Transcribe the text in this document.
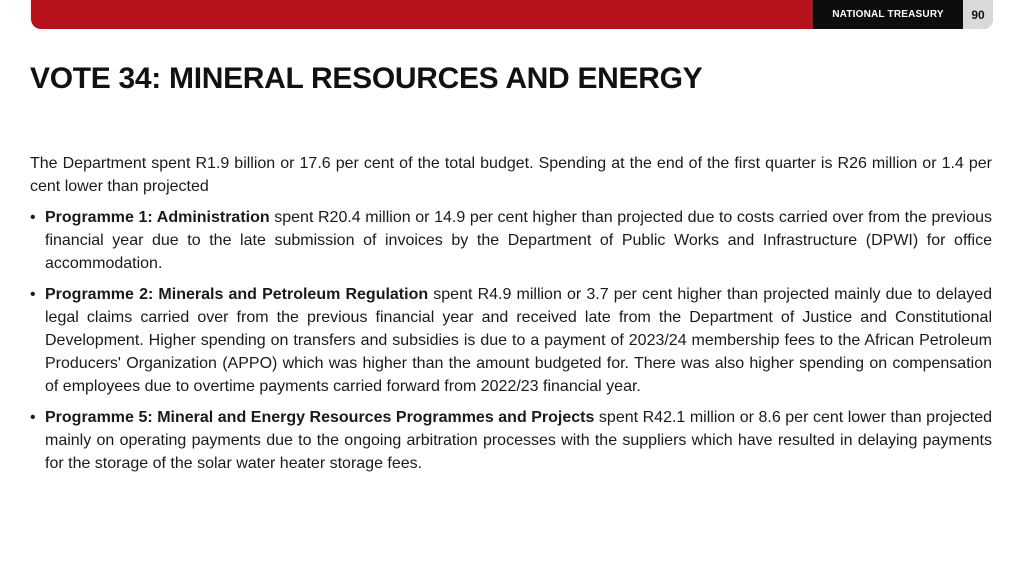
NATIONAL TREASURY	90
VOTE 34: MINERAL RESOURCES AND ENERGY

The Department spent R1.9 billion or 17.6 per cent of the total budget. Spending at the end of the first quarter is R26 million or 1.4 per cent lower than projected

• Programme 1: Administration spent R20.4 million or 14.9 per cent higher than projected due to costs carried over from the previous financial year due to the late submission of invoices by the Department of Public Works and Infrastructure (DPWI) for office accommodation.
• Programme 2: Minerals and Petroleum Regulation spent R4.9 million or 3.7 per cent higher than projected mainly due to delayed legal claims carried over from the previous financial year and received late from the Department of Justice and Constitutional Development. Higher spending on transfers and subsidies is due to a payment of 2023/24 membership fees to the African Petroleum Producers' Organization (APPO) which was higher than the amount budgeted for. There was also higher spending on compensation of employees due to overtime payments carried forward from 2022/23 financial year.
• Programme 5: Mineral and Energy Resources Programmes and Projects spent R42.1 million or 8.6 per cent lower than projected mainly on operating payments due to the ongoing arbitration processes with the suppliers which have resulted in delaying payments for the storage of the solar water heater storage fees.
